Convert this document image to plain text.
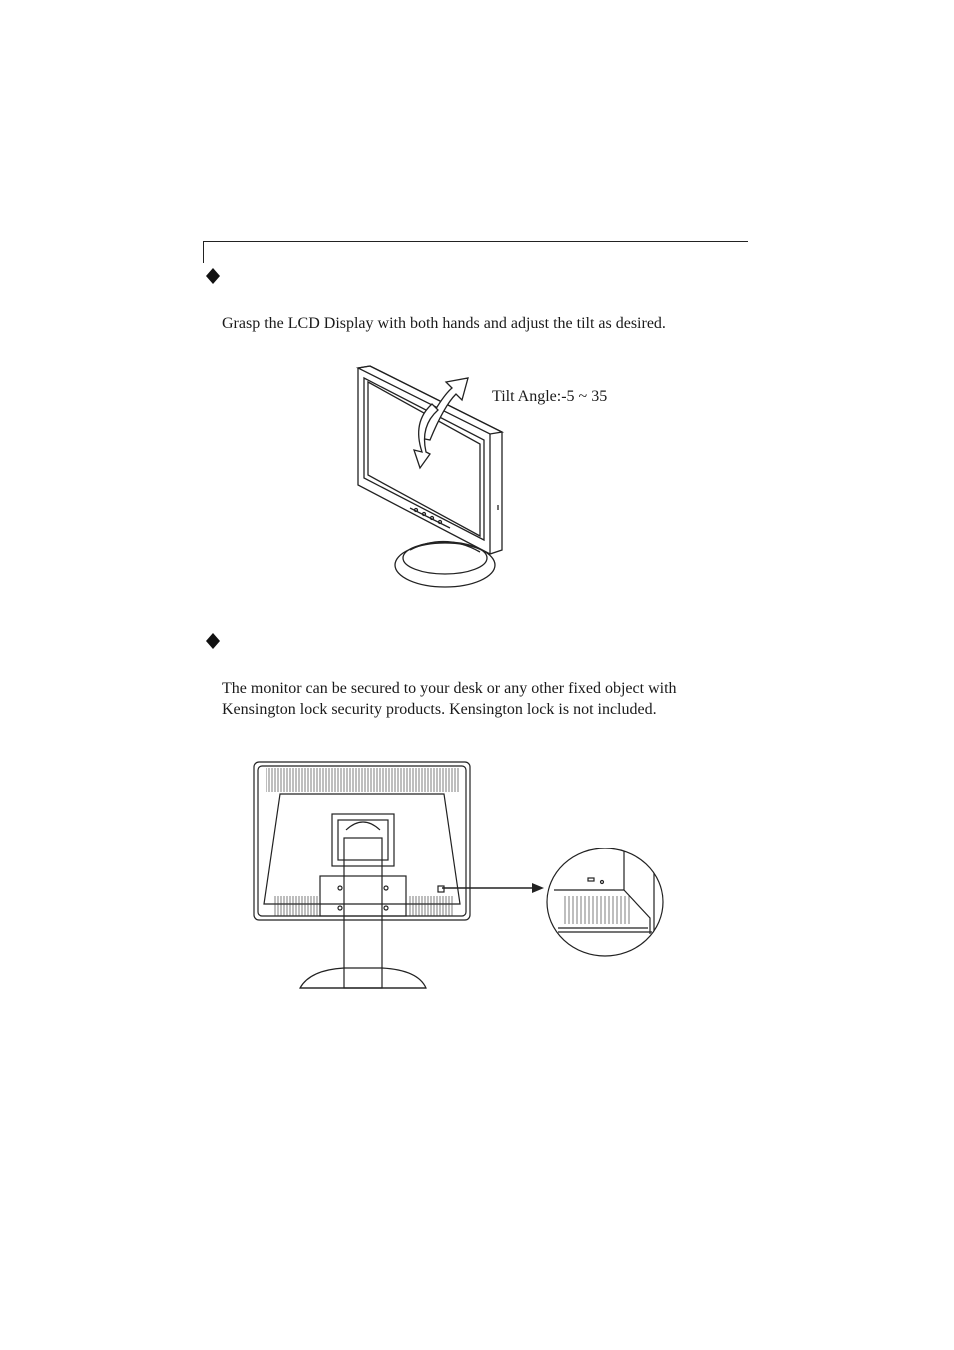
Grasp the LCD Display with both hands and adjust the tilt as desired.
Tilt Angle:-5 ~ 35
The monitor can be secured to your desk or any other fixed object with
Kensington lock security products. Kensington lock is not included.
